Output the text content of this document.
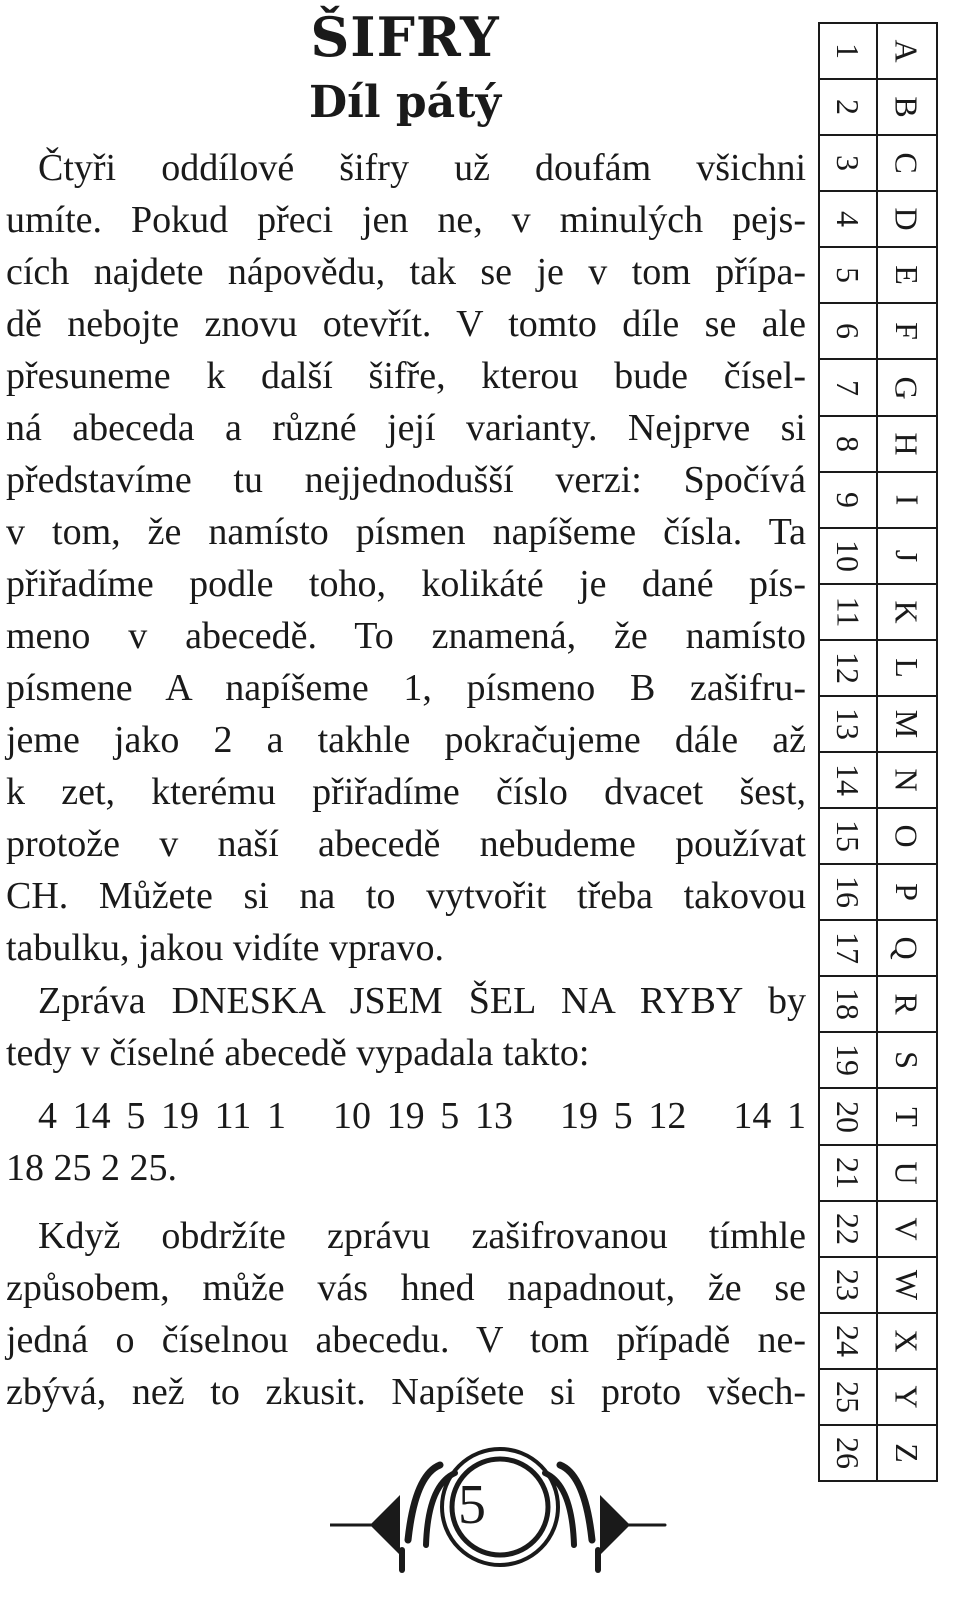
ŠIFRY
Díl pátý
Čtyři oddílové šifry už doufám všichni
umíte. Pokud přeci jen ne, v minulých pejs-
cích najdete nápovědu, tak se je v tom přípa-
dě nebojte znovu otevřít. V tomto díle se ale
přesuneme k další šifře, kterou bude čísel-
ná abeceda a různé její varianty. Nejprve si
představíme tu nejjednodušší verzi: Spočívá
v tom, že namísto písmen napíšeme čísla. Ta
přiřadíme podle toho, kolikáté je dané pís-
meno v abecedě. To znamená, že namísto
písmene A napíšeme 1, písmeno B zašifru-
jeme jako 2 a takhle pokračujeme dále až
k zet, kterému přiřadíme číslo dvacet šest,
protože v naší abecedě nebudeme používat
CH. Můžete si na to vytvořit třeba takovou
tabulku, jakou vidíte vpravo.
Zpráva DNESKA JSEM ŠEL NA RYBY by
tedy v číselné abecedě vypadala takto:
4 14 5 19 11 1   10 19 5 13   19 5 12   14 1
18 25 2 25.
Když obdržíte zprávu zašifrovanou tímhle
způsobem, může vás hned napadnout, že se
jedná o číselnou abecedu. V tom případě ne-
zbývá, než to zkusit. Napíšete si proto všech-
1 A
2 B
3 C
4 D
5 E
6 F
7 G
8 H
9 I
10 J
11 K
12 L
13 M
14 N
15 O
16 P
17 Q
18 R
19 S
20 T
21 U
22 V
23 W
24 X
25 Y
26 Z
5
